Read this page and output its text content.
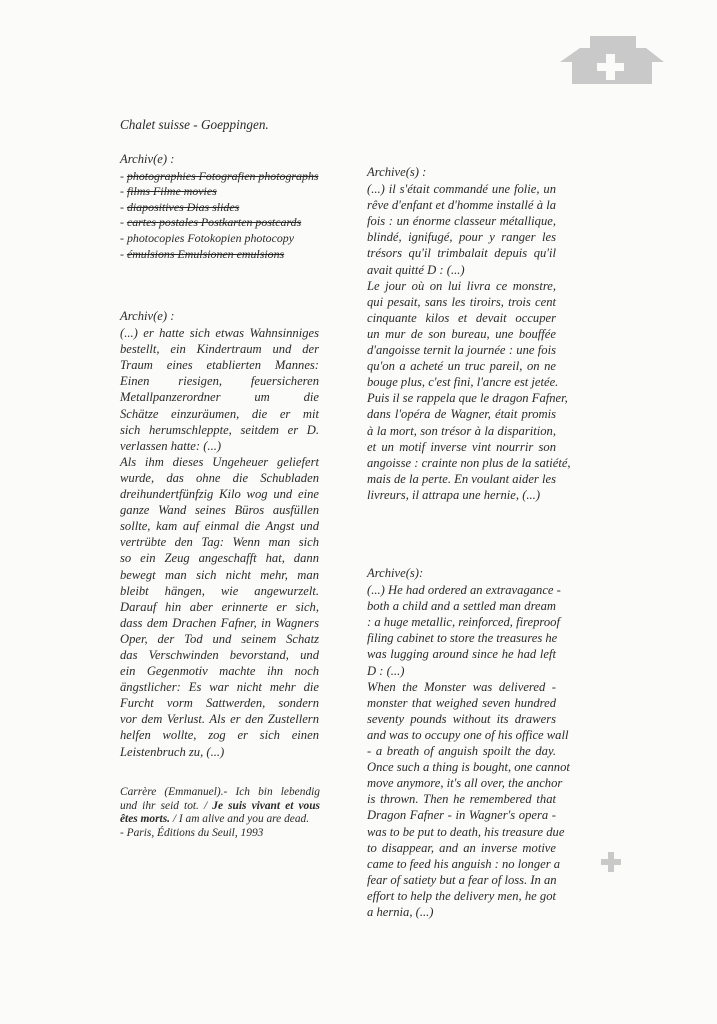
Chalet suisse - Goeppingen.
Archiv(e) :
- photographies Fotografien photographs
- films Filme movies
- diapositives Dias slides
- cartes postales Postkarten postcards
- photocopies Fotokopien photocopy
- émulsions Emulsionen emulsions
Archiv(e) :
(...) er hatte sich etwas Wahnsinniges
bestellt, ein Kindertraum und der
Traum eines etablierten Mannes:
Einen riesigen, feuersicheren
Metallpanzerordner um die
Schätze einzuräumen, die er mit
sich herumschleppte, seitdem er D.
verlassen hatte: (...)
Als ihm dieses Ungeheuer geliefert
wurde, das ohne die Schubladen
dreihundertfünfzig Kilo wog und eine
ganze Wand seines Büros ausfüllen
sollte, kam auf einmal die Angst und
vertrübte den Tag: Wenn man sich
so ein Zeug angeschafft hat, dann
bewegt man sich nicht mehr, man
bleibt hängen, wie angewurzelt.
Darauf hin aber erinnerte er sich,
dass dem Drachen Fafner, in Wagners
Oper, der Tod und seinem Schatz
das Verschwinden bevorstand, und
ein Gegenmotiv machte ihn noch
ängstlicher: Es war nicht mehr die
Furcht vorm Sattwerden, sondern
vor dem Verlust. Als er den Zustellern
helfen wollte, zog er sich einen
Leistenbruch zu, (...)
Carrère (Emmanuel).- Ich bin lebendig
und ihr seid tot. / Je suis vivant et vous
êtes morts. / I am alive and you are dead.
- Paris, Éditions du Seuil, 1993
Archive(s) :
(...) il s'était commandé une folie, un
rêve d'enfant et d'homme installé à la
fois : un énorme classeur métallique,
blindé, ignifugé, pour y ranger les
trésors qu'il trimbalait depuis qu'il
avait quitté D : (...)
Le jour où on lui livra ce monstre,
qui pesait, sans les tiroirs, trois cent
cinquante kilos et devait occuper
un mur de son bureau, une bouffée
d'angoisse ternit la journée : une fois
qu'on a acheté un truc pareil, on ne
bouge plus, c'est fini, l'ancre est jetée.
Puis il se rappela que le dragon Fafner,
dans l'opéra de Wagner, était promis
à la mort, son trésor à la disparition,
et un motif inverse vint nourrir son
angoisse : crainte non plus de la satiété,
mais de la perte. En voulant aider les
livreurs, il attrapa une hernie, (...)
Archive(s):
(...) He had ordered an extravagance -
both a child and a settled man dream
: a huge metallic, reinforced, fireproof
filing cabinet to store the treasures he
was lugging around since he had left
D : (...)
When the Monster was delivered -
monster that weighed seven hundred
seventy pounds without its drawers
and was to occupy one of his office wall
- a breath of anguish spoilt the day.
Once such a thing is bought, one cannot
move anymore, it's all over, the anchor
is thrown. Then he remembered that
Dragon Fafner - in Wagner's opera -
was to be put to death, his treasure due
to disappear, and an inverse motive
came to feed his anguish : no longer a
fear of satiety but a fear of loss. In an
effort to help the delivery men, he got
a hernia, (...)
